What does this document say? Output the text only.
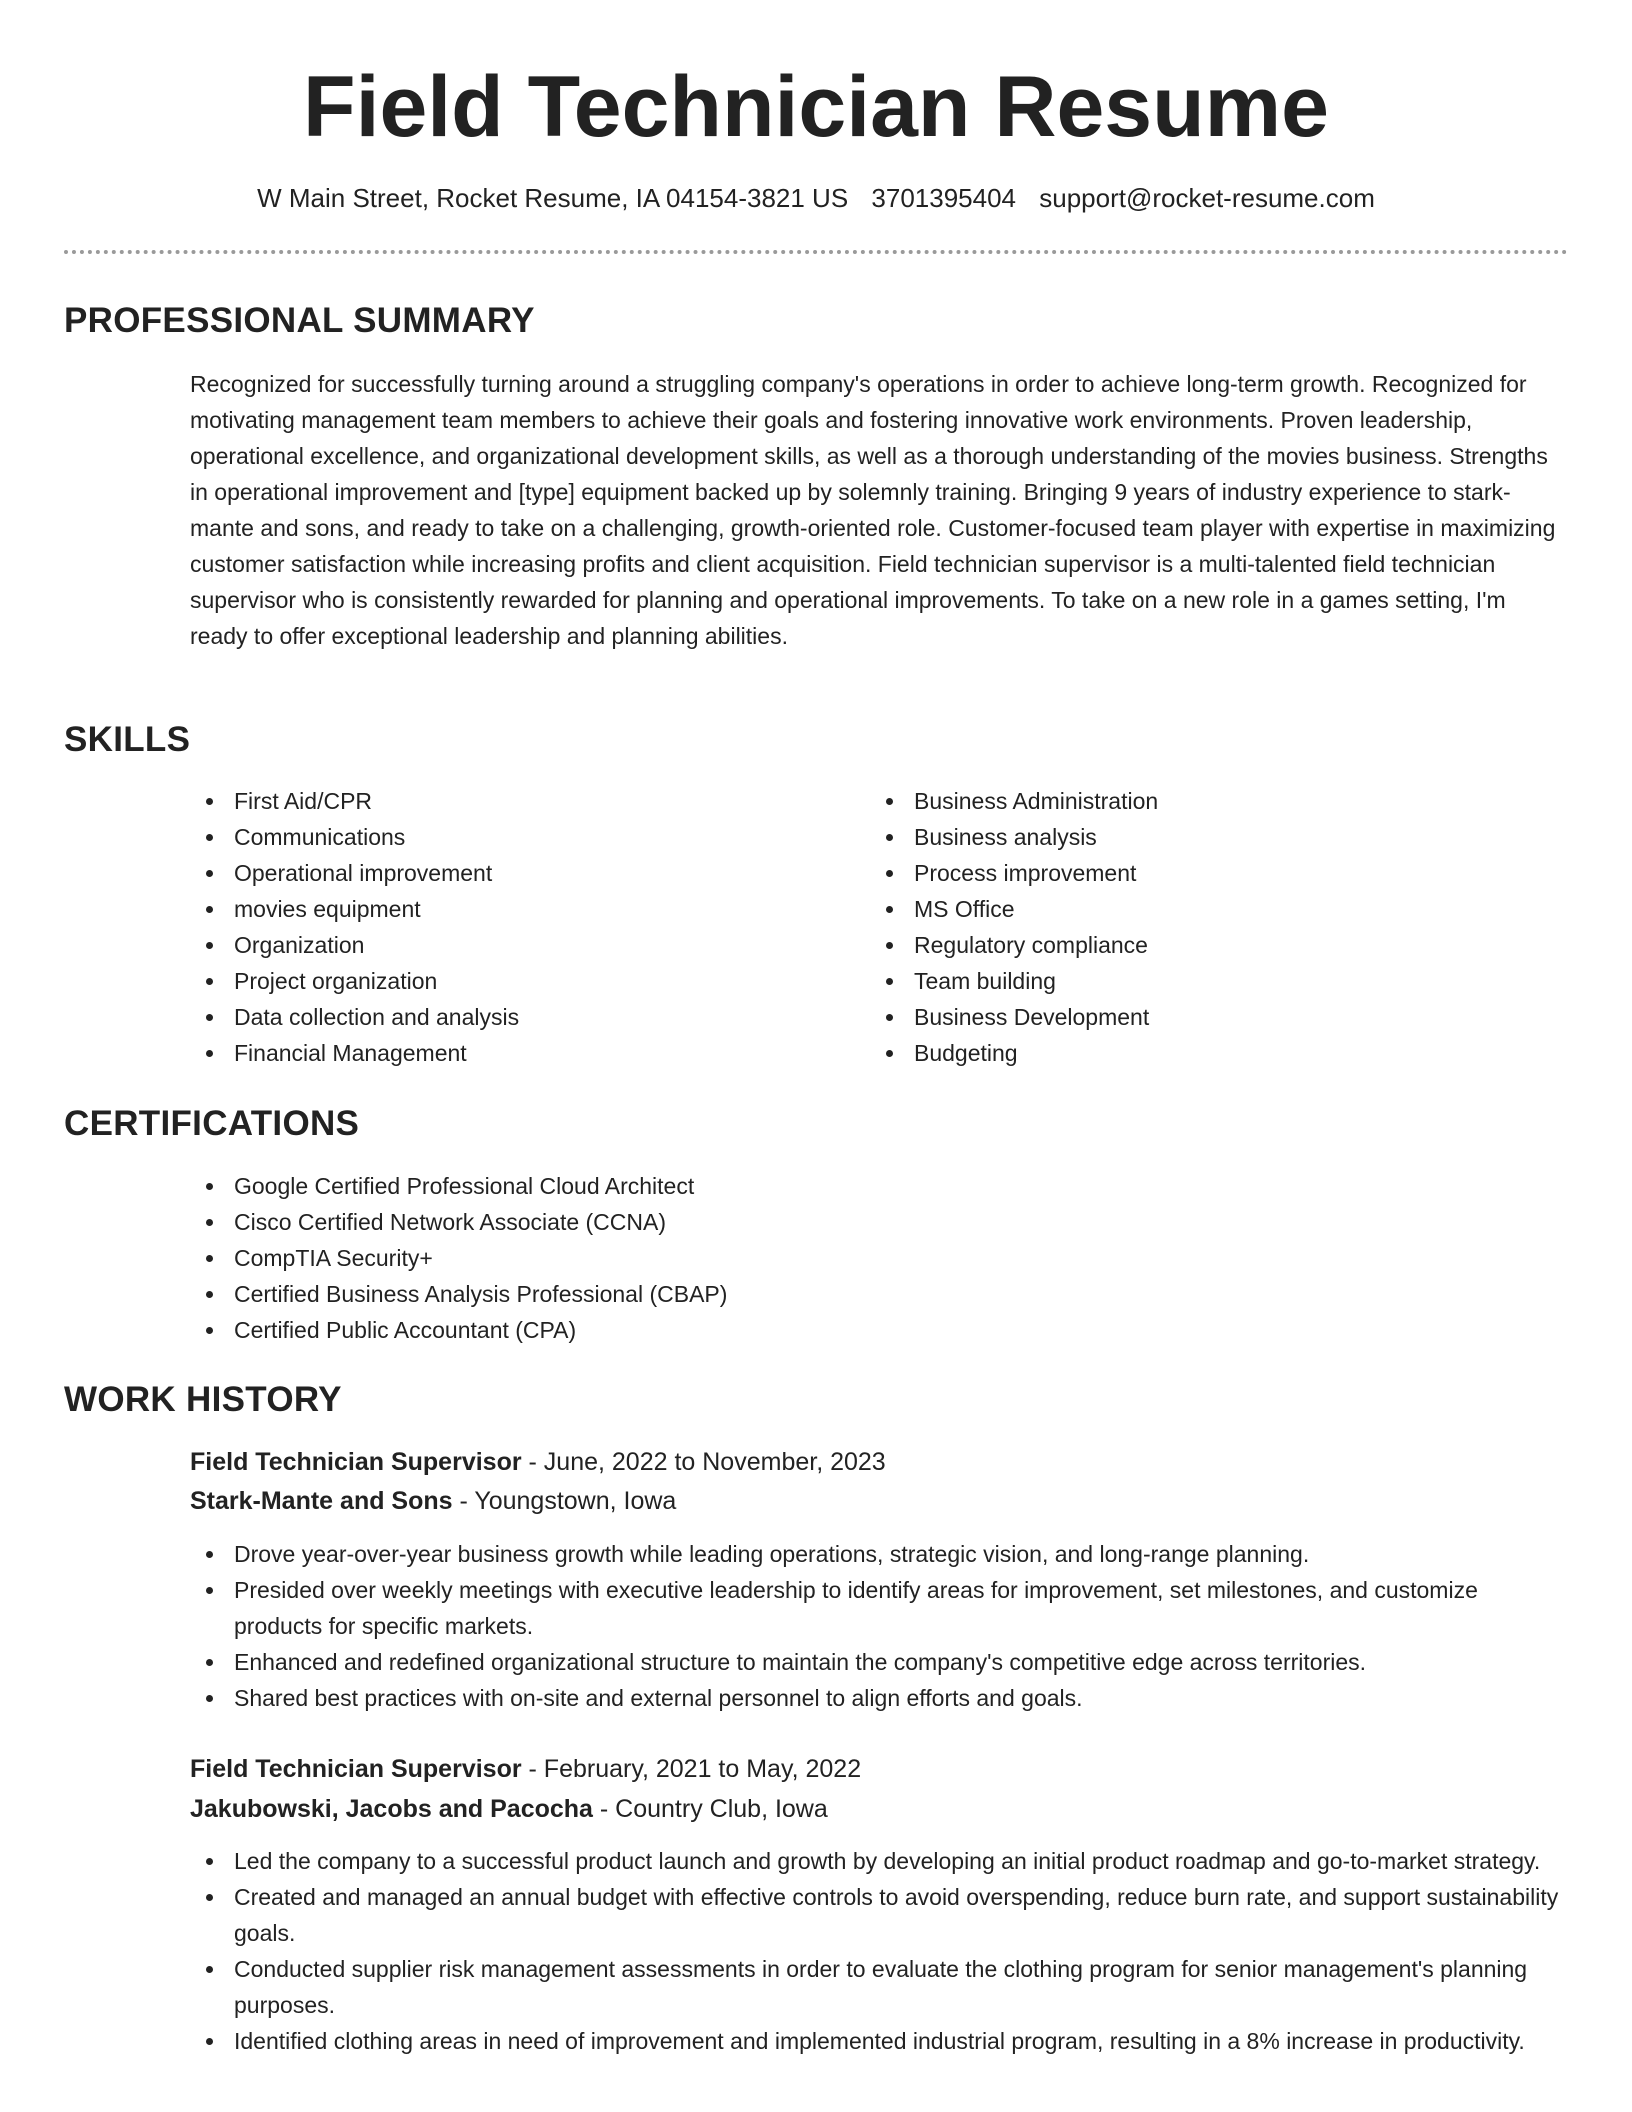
Field Technician Resume
W Main Street, Rocket Resume, IA 04154-3821 US 3701395404 support@rocket-resume.com
PROFESSIONAL SUMMARY

Recognized for successfully turning around a struggling company's operations in order to achieve long-term growth. Recognized for motivating management team members to achieve their goals and fostering innovative work environments. Proven leadership, operational excellence, and organizational development skills, as well as a thorough understanding of the movies business. Strengths in operational improvement and [type] equipment backed up by solemnly training. Bringing 9 years of industry experience to stark-mante and sons, and ready to take on a challenging, growth-oriented role. Customer-focused team player with expertise in maximizing customer satisfaction while increasing profits and client acquisition. Field technician supervisor is a multi-talented field technician supervisor who is consistently rewarded for planning and operational improvements. To take on a new role in a games setting, I'm ready to offer exceptional leadership and planning abilities.

SKILLS
First Aid/CPR
Communications
Operational improvement
movies equipment
Organization
Project organization
Data collection and analysis
Financial Management
Business Administration
Business analysis
Process improvement
MS Office
Regulatory compliance
Team building
Business Development
Budgeting
CERTIFICATIONS
Google Certified Professional Cloud Architect
Cisco Certified Network Associate (CCNA)
CompTIA Security+
Certified Business Analysis Professional (CBAP)
Certified Public Accountant (CPA)
WORK HISTORY
Field Technician Supervisor - June, 2022 to November, 2023
Stark-Mante and Sons - Youngstown, Iowa
Drove year-over-year business growth while leading operations, strategic vision, and long-range planning.
Presided over weekly meetings with executive leadership to identify areas for improvement, set milestones, and customize products for specific markets.
Enhanced and redefined organizational structure to maintain the company's competitive edge across territories.
Shared best practices with on-site and external personnel to align efforts and goals.
Field Technician Supervisor - February, 2021 to May, 2022
Jakubowski, Jacobs and Pacocha - Country Club, Iowa
Led the company to a successful product launch and growth by developing an initial product roadmap and go-to-market strategy.
Created and managed an annual budget with effective controls to avoid overspending, reduce burn rate, and support sustainability goals.
Conducted supplier risk management assessments in order to evaluate the clothing program for senior management's planning purposes.
Identified clothing areas in need of improvement and implemented industrial program, resulting in a 8% increase in productivity.
